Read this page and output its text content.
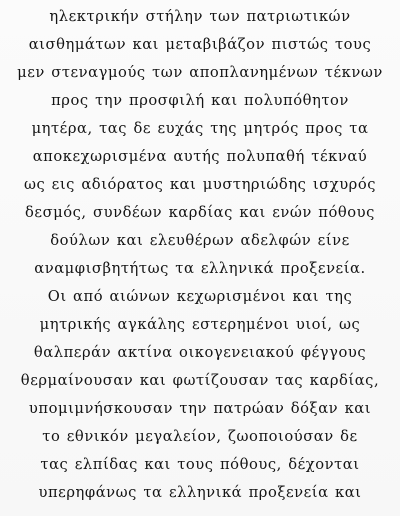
ηλεκτρικήν στήλην των πατριωτικών
αισθημάτων και μεταβιβάζον πιστώς τους
μεν στεναγμούς των αποπλανημένων τέκνων
προς την προσφιλή και πολυπόθητον
μητέρα, τας δε ευχάς της μητρός προς τα
αποκεχωρισμένα αυτής πολυπαθή τέκναύ
ως εις αδιόρατος και μυστηριώδης ισχυρός
δεσμός, συνδέων καρδίας και ενών πόθους
δούλων και ελευθέρων αδελφών είνε
αναμφισβητήτως τα ελληνικά προξενεία.
Οι από αιώνων κεχωρισμένοι και της
μητρικής αγκάλης εστερημένοι υιοί, ως
θαλπεράν ακτίνα οικογενειακού φέγγους
θερμαίνουσαν και φωτίζουσαν τας καρδίας,
υπομιμνήσκουσαν την πατρώαν δόξαν και
το εθνικόν μεγαλείον, ζωοποιούσαν δε
τας ελπίδας και τους πόθους, δέχονται
υπερηφάνως τα ελληνικά προξενεία και
